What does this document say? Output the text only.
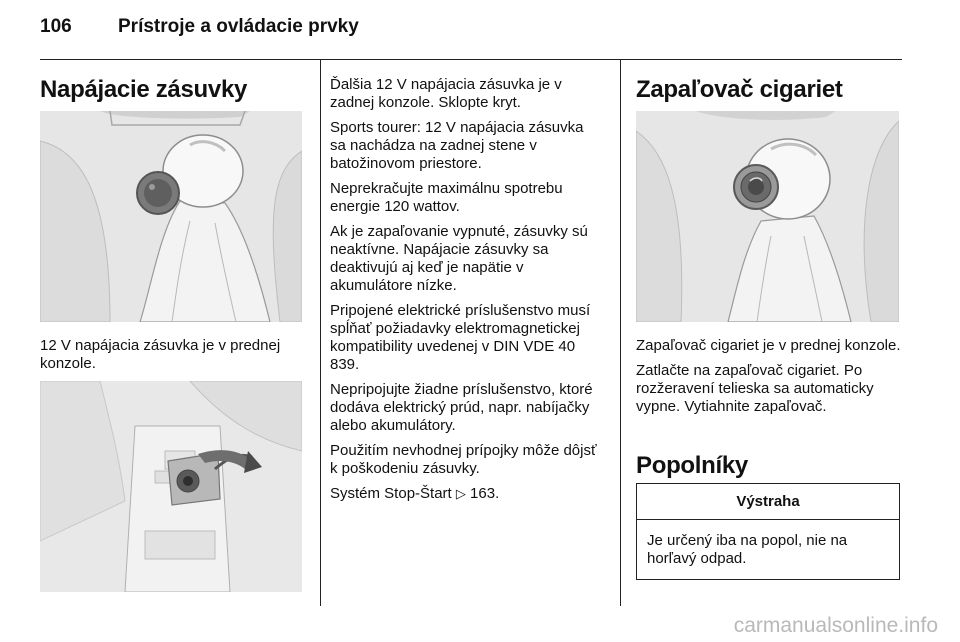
106	Prístroje a ovládacie prvky
Napájacie zásuvky

12 V napájacia zásuvka je v prednej konzole.

Ďalšia 12 V napájacia zásuvka je v zadnej konzole. Sklopte kryt.

Sports tourer: 12 V napájacia zásuvka sa nachádza na zadnej stene v batožinovom priestore.

Neprekračujte maximálnu spotrebu energie 120 wattov.

Ak je zapaľovanie vypnuté, zásuvky sú neaktívne. Napájacie zásuvky sa deaktivujú aj keď je napätie v akumulátore nízke.

Pripojené elektrické príslušenstvo musí spĺňať požiadavky elektromagnetickej kompatibility uvedenej v DIN VDE 40 839.

Nepripojujte žiadne príslušenstvo, ktoré dodáva elektrický prúd, napr. nabíjačky alebo akumulátory.

Použitím nevhodnej prípojky môže dôjsť k poškodeniu zásuvky.

Systém Stop-Štart ▷ 163.

Zapaľovač cigariet

Zapaľovač cigariet je v prednej konzole.

Zatlačte na zapaľovač cigariet. Po rozžeravení telieska sa automaticky vypne. Vytiahnite zapaľovač.

Popolníky
Výstraha
Je určený iba na popol, nie na horľavý odpad.
carmanualsonline.info
